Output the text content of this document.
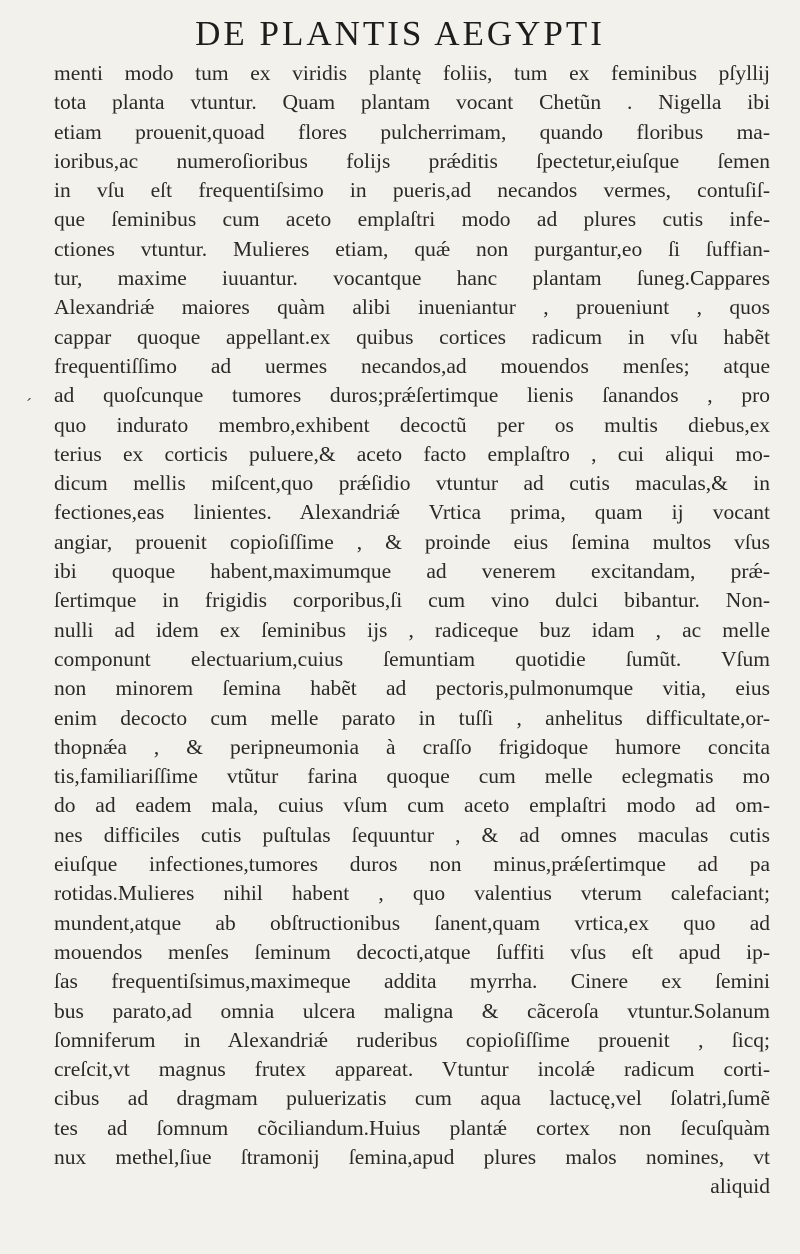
DE PLANTIS AEGYPTI
´
menti modo tum ex viridis plantę foliis, tum ex feminibus pſyllij
tota planta vtuntur. Quam plantam vocant Chetũn . Nigella ibi
etiam prouenit,quoad flores pulcherrimam, quando floribus ma-
ioribus,ac numeroſioribus folijs prǽditis ſpectetur,eiuſque ſemen
in vſu eſt frequentiſsimo in pueris,ad necandos vermes, contuſiſ-
que ſeminibus cum aceto emplaſtri modo ad plures cutis infe-
ctiones vtuntur. Mulieres etiam, quǽ non purgantur,eo ſi ſuffian-
tur, maxime iuuantur. vocantque hanc plantam ſuneg.Cappares
Alexandriǽ maiores quàm alibi inueniantur , proueniunt , quos
cappar quoque appellant.ex quibus cortices radicum in vſu habẽt
frequentiſſimo ad uermes necandos,ad mouendos menſes; atque
ad quoſcunque tumores duros;prǽſertimque lienis ſanandos , pro
quo indurato membro,exhibent decoctũ per os multis diebus,ex
terius ex corticis puluere,& aceto facto emplaſtro , cui aliqui mo-
dicum mellis miſcent,quo prǽſidio vtuntur ad cutis maculas,& in
fectiones,eas linientes. Alexandriǽ Vrtica prima, quam ij vocant
angiar, prouenit copioſiſſime , & proinde eius ſemina multos vſus
ibi quoque habent,maximumque ad venerem excitandam, prǽ-
ſertimque in frigidis corporibus,ſi cum vino dulci bibantur. Non-
nulli ad idem ex ſeminibus ijs , radiceque buz idam , ac melle
componunt electuarium,cuius ſemuntiam quotidie ſumũt. Vſum
non minorem ſemina habẽt ad pectoris,pulmonumque vitia, eius
enim decocto cum melle parato in tuſſi , anhelitus difficultate,or-
thopnǽa , & peripneumonia à craſſo frigidoque humore concita
tis,familiariſſime vtũtur farina quoque cum melle eclegmatis mo
do ad eadem mala, cuius vſum cum aceto emplaſtri modo ad om-
nes difficiles cutis puſtulas ſequuntur , & ad omnes maculas cutis
eiuſque infectiones,tumores duros non minus,prǽſertimque ad pa
rotidas.Mulieres nihil habent , quo valentius vterum calefaciant;
mundent,atque ab obſtructionibus ſanent,quam vrtica,ex quo ad
mouendos menſes ſeminum decocti,atque ſuffiti vſus eſt apud ip-
ſas frequentiſsimus,maximeque addita myrrha. Cinere ex ſemini
bus parato,ad omnia ulcera maligna & cãceroſa vtuntur.Solanum
ſomniferum in Alexandriǽ ruderibus copioſiſſime prouenit , ſicq;
creſcit,vt magnus frutex appareat. Vtuntur incolǽ radicum corti-
cibus ad dragmam puluerizatis cum aqua lactucę,vel ſolatri,ſumẽ
tes ad ſomnum cõciliandum.Huius plantǽ cortex non ſecuſquàm
nux methel,ſiue ſtramonij ſemina,apud plures malos nomines, vt
aliquid
